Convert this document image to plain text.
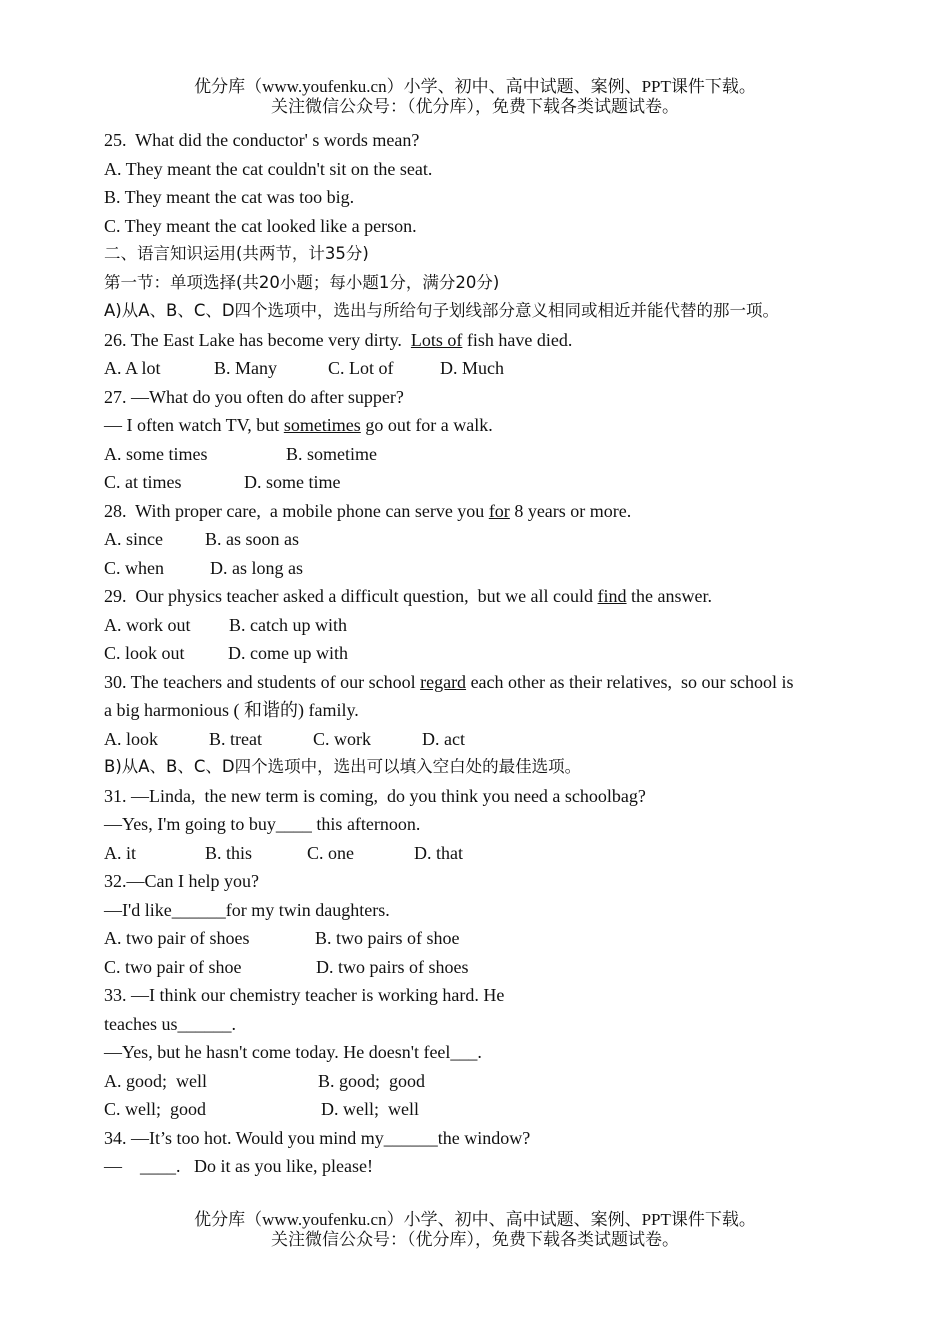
优分库（www.youfenku.cn）小学、初中、高中试题、案例、PPT课件下载。
关注微信公众号：（优分库），免费下载各类试题试卷。
25.  What did the conductor' s words mean?
A. They meant the cat couldn't sit on the seat.
B. They meant the cat was too big.
C. They meant the cat looked like a person.
二、语言知识运用(共两节，计35分)
第一节：单项选择(共20小题；每小题1分，满分20分)
A)从A、B、C、D四个选项中，选出与所给句子划线部分意义相同或相近并能代替的那一项。
26. The East Lake has become very dirty.  Lots of fish have died.
A. A lot	B. Many	C. Lot of	D. Much
27. —What do you often do after supper?
— I often watch TV, but sometimes go out for a walk.
A. some times	B. sometime
C. at times	D. some time
28.  With proper care,  a mobile phone can serve you for 8 years or more.
A. since B. as soon as
C. when	D. as long as
29.  Our physics teacher asked a difficult question,  but we all could find the answer.
A. work out B. catch up with
C. look out D. come up with
30. The teachers and students of our school regard each other as their relatives,  so our school is
a big harmonious ( 和谐的) family.
A. look	B. treat	C. work	D. act
B)从A、B、C、D四个选项中，选出可以填入空白处的最佳选项。
31. —Linda,  the new term is coming,  do you think you need a schoolbag?
—Yes, I'm going to buy____ this afternoon.
A. it	B. this	C. one	D. that
32.—Can I help you?
—I'd like______for my twin daughters.
A. two pair of shoes	B. two pairs of shoe
C. two pair of shoe	D. two pairs of shoes
33. —I think our chemistry teacher is working hard. He
teaches us______.
—Yes, but he hasn't come today. He doesn't feel___.
A. good;  well	B. good;  good
C. well;  good	D. well;  well
34. —It’s too hot. Would you mind my______the window?
—    ____.   Do it as you like, please!
优分库（www.youfenku.cn）小学、初中、高中试题、案例、PPT课件下载。
关注微信公众号：（优分库），免费下载各类试题试卷。
